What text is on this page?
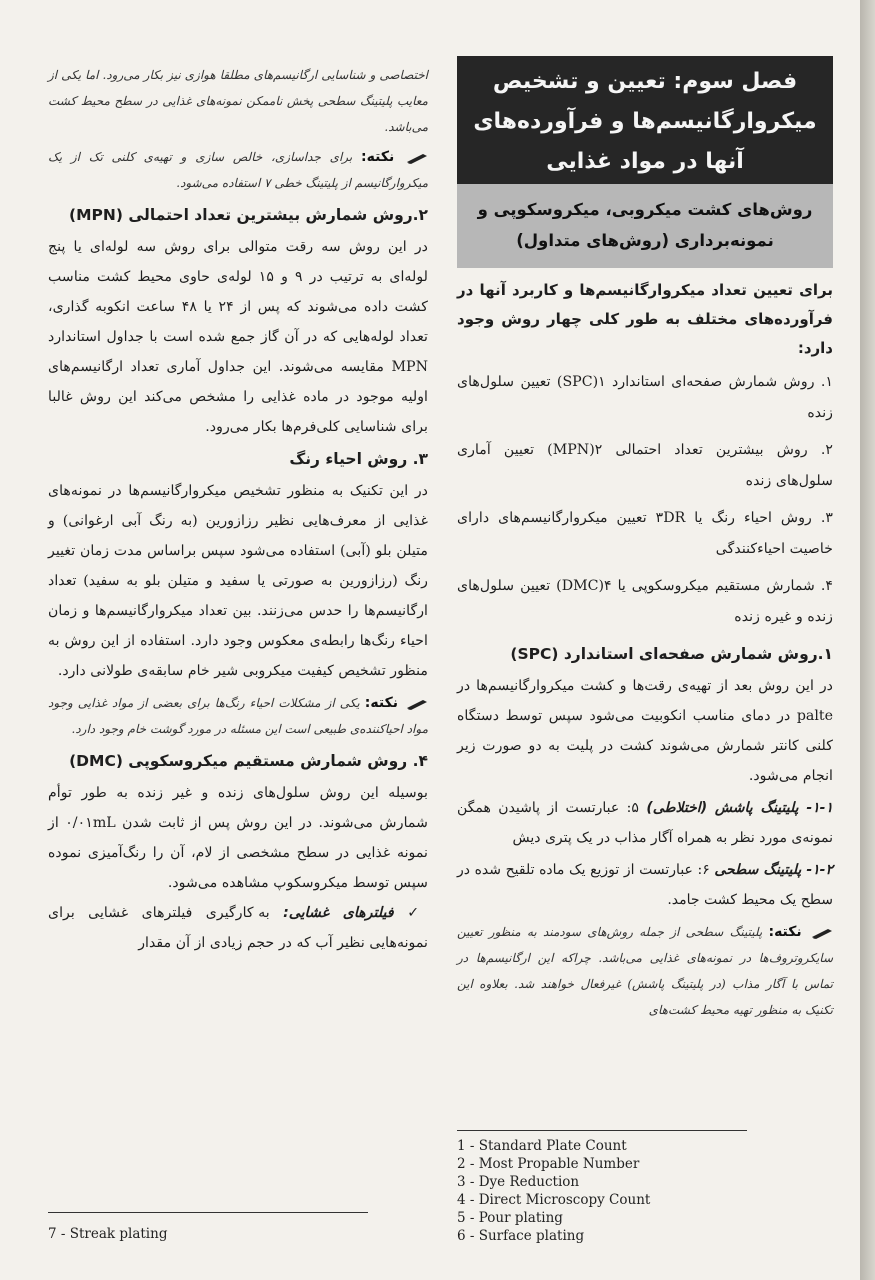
فصل سوم: تعیین و تشخیص
میکروارگانیسم‌ها و فرآورده‌های
آنها در مواد غذایی
روش‌های کشت میکروبی، میکروسکوپی و
نمونه‌برداری (روش‌های متداول)
برای تعیین تعداد میکروارگانیسم‌ها و کاربرد آنها در فرآورده‌های مختلف به طور کلی چهار روش وجود دارد:
۱. روش شمارش صفحه‌ای استاندارد ۱(SPC) تعیین سلول‌های زنده
۲. روش بیشترین تعداد احتمالی ۲(MPN) تعیین آماری سلول‌های زنده
۳. روش احیاء رنگ یا ۳DR تعیین میکروارگانیسم‌های دارای خاصیت احیاءکنندگی
۴. شمارش مستقیم میکروسکوپی یا ۴(DMC) تعیین سلول‌های زنده و غیره زنده
۱.روش شمارش صفحه‌ای استاندارد (SPC)

در این روش بعد از تهیه‌ی رقت‌ها و کشت میکروارگانیسم‌ها در palte در دمای مناسب انکوبیت می‌شود سپس توسط دستگاه کلنی کانتر شمارش می‌شوند کشت در پلیت به دو صورت زیر انجام می‌شود.

۱-۱- پلیتینگ پاشش (اختلاطی) ۵: عبارتست از پاشیدن همگن نمونه‌ی مورد نظر به همراه آگار مذاب در یک پتری دیش
۱-۲- پلیتینگ سطحی ۶: عبارتست از توزیع یک ماده تلقیح شده در سطح یک محیط کشت جامد.
نکته: پلیتینگ سطحی از جمله روش‌های سودمند به منظور تعیین سایکروتروف‌ها در نمونه‌های غذایی می‌باشد. چراکه این ارگانیسم‌ها در تماس با آگار مذاب (در پلیتینگ پاشش) غیرفعال خواهند شد. بعلاوه این تکنیک به منظور تهیه محیط کشت‌های
1 - Standard Plate Count
2 - Most Propable Number
3 - Dye Reduction
4 - Direct Microscopy Count
5 - Pour plating
6 - Surface plating
اختصاصی و شناسایی ارگانیسم‌های مطلقا هوازی نیز بکار می‌رود. اما یکی از معایب پلیتینگ سطحی پخش ناممکن نمونه‌های غذایی در سطح محیط کشت می‌باشد.
نکته: برای جداسازی، خالص سازی و تهیه‌ی کلنی تک از یک میکروارگانیسم از پلیتینگ خطی ۷ استفاده می‌شود.
۲.روش شمارش بیشترین تعداد احتمالی (MPN)

در این روش سه رقت متوالی برای روش سه لوله‌ای یا پنج لوله‌ای به ترتیب در ۹ و ۱۵ لوله‌ی حاوی محیط کشت مناسب کشت داده می‌شوند که پس از ۲۴ یا ۴۸ ساعت انکوبه گذاری، تعداد لوله‌هایی که در آن گاز جمع شده است با جداول استاندارد MPN مقایسه می‌شوند. این جداول آماری تعداد ارگانیسم‌های اولیه موجود در ماده غذایی را مشخص می‌کند این روش غالبا برای شناسایی کلی‌فرم‌ها بکار می‌رود.

۳. روش احیاء رنگ

در این تکنیک به منظور تشخیص میکروارگانیسم‌ها در نمونه‌های غذایی از معرف‌هایی نظیر رزازورین (به رنگ آبی ارغوانی) و متیلن بلو (آبی) استفاده می‌شود سپس براساس مدت زمان تغییر رنگ (رزازورین به صورتی یا سفید و متیلن بلو به سفید) تعداد ارگانیسم‌ها را حدس می‌زنند. بین تعداد میکروارگانیسم‌ها و زمان احیاء رنگ‌ها رابطه‌ی معکوس وجود دارد. استفاده از این روش به منظور تشخیص کیفیت میکروبی شیر خام سابقه‌ی طولانی دارد.

نکته: یکی از مشکلات احیاء رنگ‌ها برای بعضی از مواد غذایی وجود مواد احیاکننده‌ی طبیعی است این مسئله در مورد گوشت خام وجود دارد.
۴. روش شمارش مستقیم میکروسکوپی (DMC)

بوسیله این روش سلول‌های زنده و غیر زنده به طور توأم شمارش می‌شوند. در این روش پس از ثابت شدن ۰/۰۱mL از نمونه غذایی در سطح مشخصی از لام، آن را رنگ‌آمیزی نموده سپس توسط میکروسکوپ مشاهده می‌شود.

✓ فیلترهای غشایی: به کارگیری فیلترهای غشایی برای نمونه‌هایی نظیر آب که در حجم زیادی از آن مقدار

7 - Streak plating
